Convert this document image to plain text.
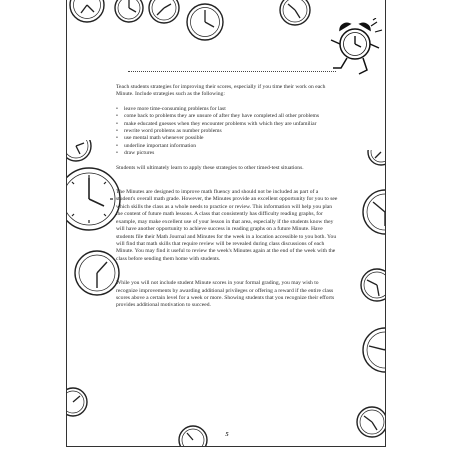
Teach students strategies for improving their scores, especially if you time their work on each Minute. Include strategies such as the following:

• leave more time-consuming problems for last
• come back to problems they are unsure of after they have completed all other problems
• make educated guesses when they encounter problems with which they are unfamiliar
• rewrite word problems as number problems
• use mental math whenever possible
• underline important information
• draw pictures

Students will ultimately learn to apply these strategies to other timed-test situations.

The Minutes are designed to improve math fluency and should not be included as part of a student's overall math grade. However, the Minutes provide an excellent opportunity for you to see which skills the class as a whole needs to practice or review. This information will help you plan the content of future math lessons. A class that consistently has difficulty reading graphs, for example, may make excellent use of your lesson in that area, especially if the students know they will have another opportunity to achieve success in reading graphs on a future Minute. Have students file their Math Journal and Minutes for the week in a location accessible to you both. You will find that math skills that require review will be revealed during class discussions of each Minute. You may find it useful to review the week's Minutes again at the end of the week with the class before sending them home with students.

While you will not include student Minute scores in your formal grading, you may wish to recognize improvements by awarding additional privileges or offering a reward if the entire class scores above a certain level for a week or more. Showing students that you recognize their efforts provides additional motivation to succeed.

5
